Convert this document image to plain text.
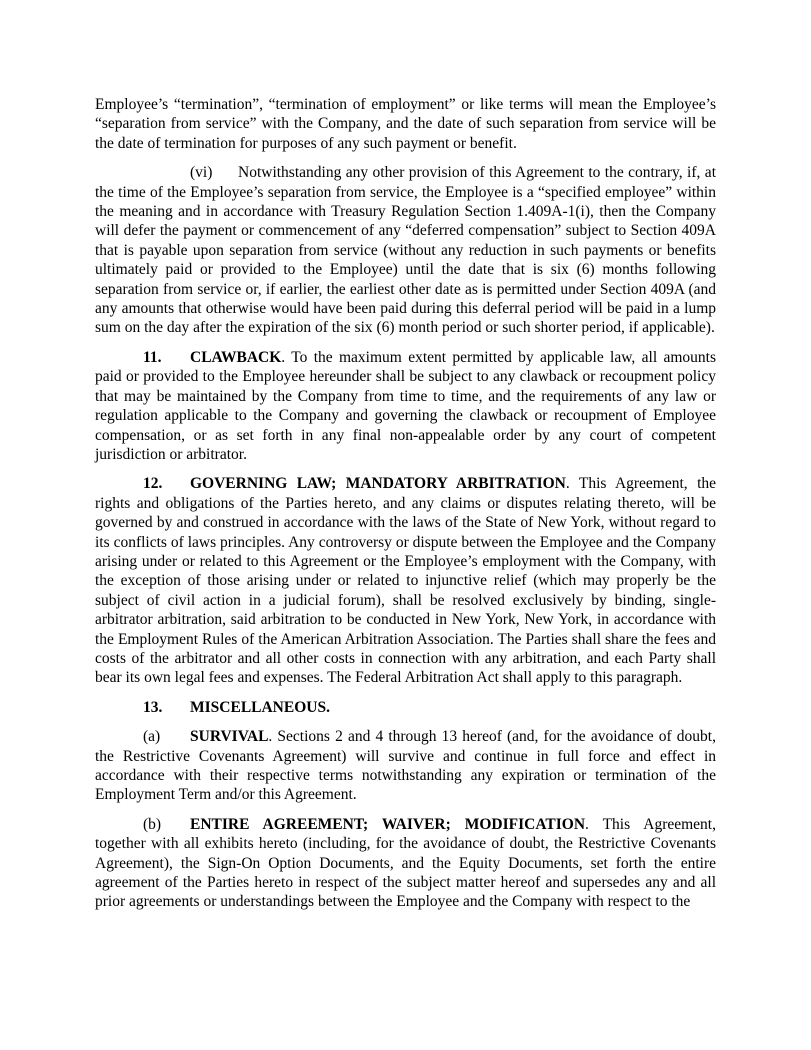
Employee’s “termination”, “termination of employment” or like terms will mean the Employee’s “separation from service” with the Company, and the date of such separation from service will be the date of termination for purposes of any such payment or benefit.

(vi) Notwithstanding any other provision of this Agreement to the contrary, if, at the time of the Employee’s separation from service, the Employee is a “specified employee” within the meaning and in accordance with Treasury Regulation Section 1.409A-1(i), then the Company will defer the payment or commencement of any “deferred compensation” subject to Section 409A that is payable upon separation from service (without any reduction in such payments or benefits ultimately paid or provided to the Employee) until the date that is six (6) months following separation from service or, if earlier, the earliest other date as is permitted under Section 409A (and any amounts that otherwise would have been paid during this deferral period will be paid in a lump sum on the day after the expiration of the six (6) month period or such shorter period, if applicable).

11. CLAWBACK. To the maximum extent permitted by applicable law, all amounts paid or provided to the Employee hereunder shall be subject to any clawback or recoupment policy that may be maintained by the Company from time to time, and the requirements of any law or regulation applicable to the Company and governing the clawback or recoupment of Employee compensation, or as set forth in any final non-appealable order by any court of competent jurisdiction or arbitrator.

12. GOVERNING LAW; MANDATORY ARBITRATION. This Agreement, the rights and obligations of the Parties hereto, and any claims or disputes relating thereto, will be governed by and construed in accordance with the laws of the State of New York, without regard to its conflicts of laws principles. Any controversy or dispute between the Employee and the Company arising under or related to this Agreement or the Employee’s employment with the Company, with the exception of those arising under or related to injunctive relief (which may properly be the subject of civil action in a judicial forum), shall be resolved exclusively by binding, single-arbitrator arbitration, said arbitration to be conducted in New York, New York, in accordance with the Employment Rules of the American Arbitration Association. The Parties shall share the fees and costs of the arbitrator and all other costs in connection with any arbitration, and each Party shall bear its own legal fees and expenses. The Federal Arbitration Act shall apply to this paragraph.

13. MISCELLANEOUS.

(a) SURVIVAL. Sections 2 and 4 through 13 hereof (and, for the avoidance of doubt, the Restrictive Covenants Agreement) will survive and continue in full force and effect in accordance with their respective terms notwithstanding any expiration or termination of the Employment Term and/or this Agreement.

(b) ENTIRE AGREEMENT; WAIVER; MODIFICATION. This Agreement, together with all exhibits hereto (including, for the avoidance of doubt, the Restrictive Covenants Agreement), the Sign-On Option Documents, and the Equity Documents, set forth the entire agreement of the Parties hereto in respect of the subject matter hereof and supersedes any and all prior agreements or understandings between the Employee and the Company with respect to the
